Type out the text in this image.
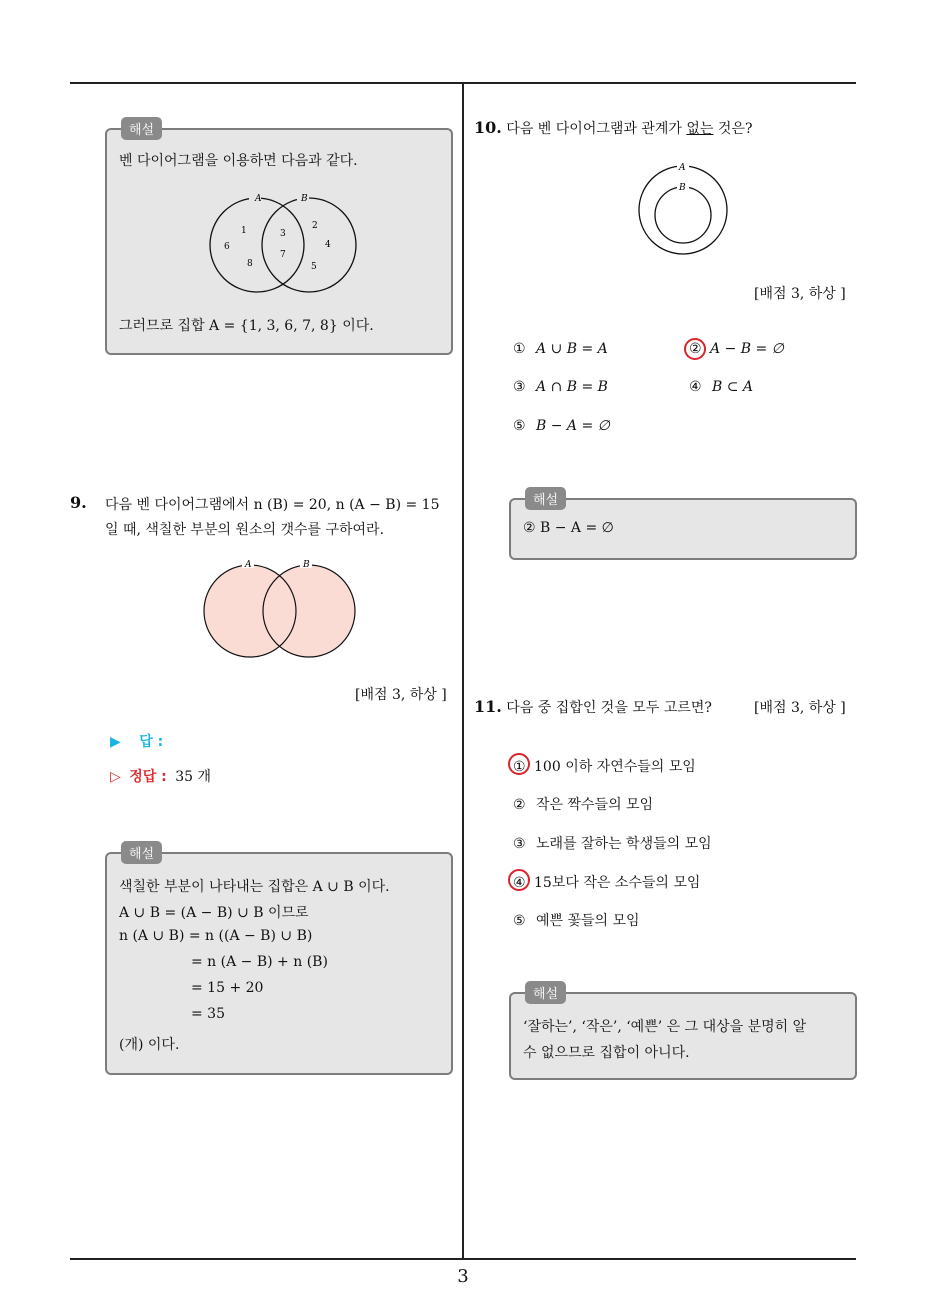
해설
벤 다이어그램을 이용하면 다음과 같다.
A	B
1
6
8
3
7
2
4
5
그러므로 집합 A = {1, 3, 6, 7, 8} 이다.
9. 다음 벤 다이어그램에서 n (B) = 20, n (A − B) = 15
일 때, 색칠한 부분의 원소의 갯수를 구하여라.
A	B
[배점 3, 하상 ]
▶ 답 :
▷ 정답 : 35 개
해설
색칠한 부분이 나타내는 집합은 A ∪ B 이다.
A ∪ B = (A − B) ∪ B 이므로
n (A ∪ B) = n ((A − B) ∪ B)
= n (A − B) + n (B)
= 15 + 20
= 35
(개) 이다.
10. 다음 벤 다이어그램과 관계가 없는 것은?
A
B
[배점 3, 하상 ]
① A ∪ B = A	② A − B = ∅
③ A ∩ B = B	④ B ⊂ A
⑤ B − A = ∅
해설
② B − A = ∅
11. 다음 중 집합인 것을 모두 고르면?	[배점 3, 하상 ]
① 100 이하 자연수들의 모임
② 작은 짝수들의 모임
③ 노래를 잘하는 학생들의 모임
④ 15보다 작은 소수들의 모임
⑤ 예쁜 꽃들의 모임
해설
‘잘하는’, ‘작은’, ‘예쁜’ 은 그 대상을 분명히 알
수 없으므로 집합이 아니다.
3
